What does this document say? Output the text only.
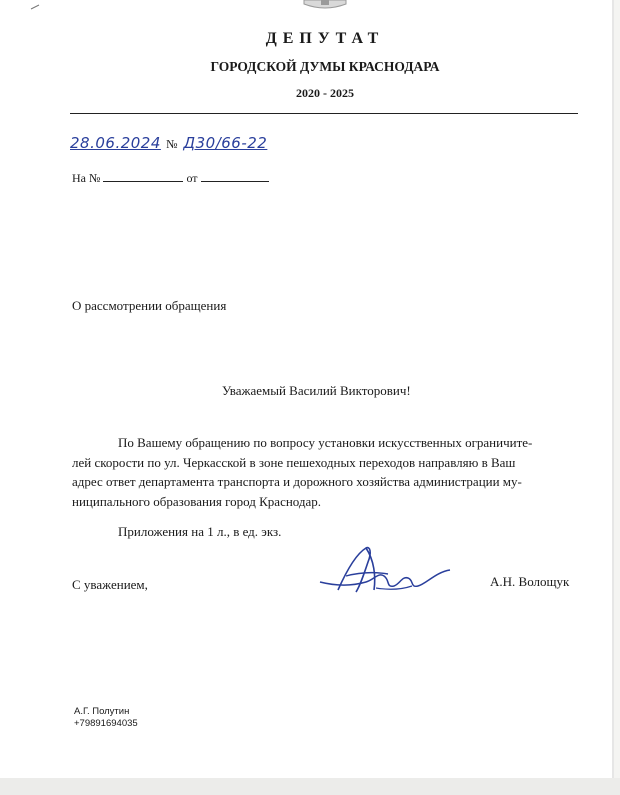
ДЕПУТАТ
ГОРОДСКОЙ ДУМЫ КРАСНОДАРА
2020 - 2025
28.06.2024 № Д30/66-22
На №	от
О рассмотрении обращения
Уважаемый Василий Викторович!

По Вашему обращению по вопросу установки искусственных ограничите-
лей скорости по ул. Черкасской в зоне пешеходных переходов направляю в Ваш
адрес ответ департамента транспорта и дорожного хозяйства администрации му-
ниципального образования город Краснодар.

Приложения на 1 л., в ед. экз.
С уважением,	А.Н. Волощук
А.Г. Полутин
+79891694035
